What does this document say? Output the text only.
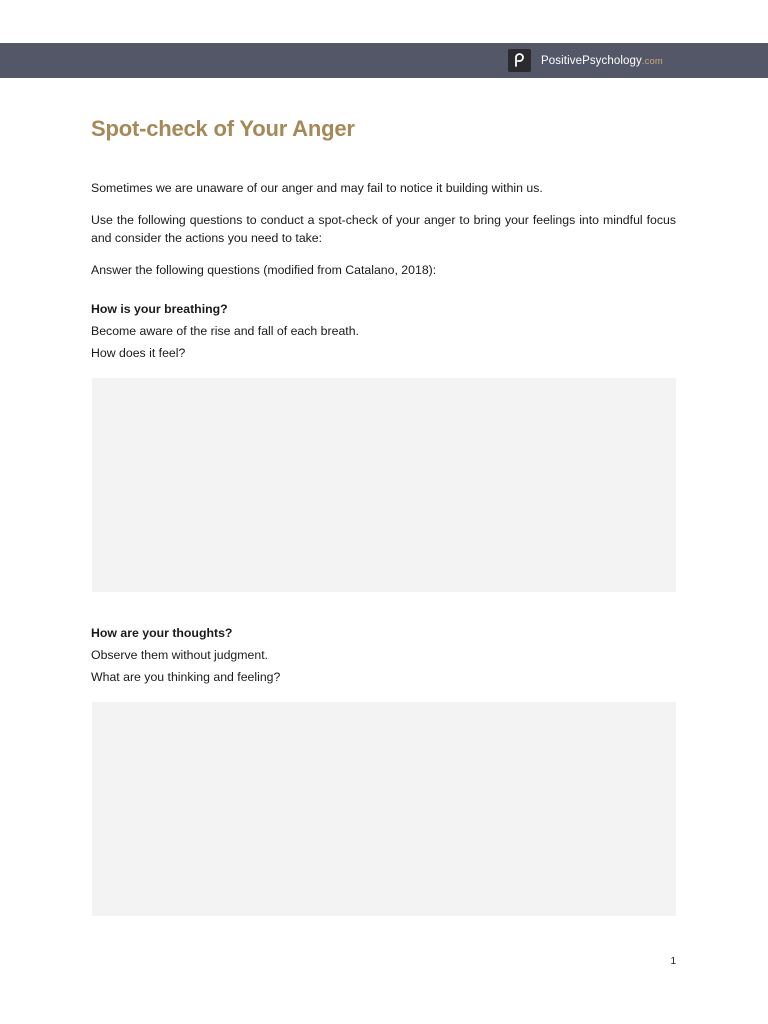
PositivePsychology.com
Spot-check of Your Anger

Sometimes we are unaware of our anger and may fail to notice it building within us.

Use the following questions to conduct a spot-check of your anger to bring your feelings into mindful focus and consider the actions you need to take:

Answer the following questions (modified from Catalano, 2018):

How is your breathing?

Become aware of the rise and fall of each breath.

How does it feel?

How are your thoughts?

Observe them without judgment.

What are you thinking and feeling?

1
